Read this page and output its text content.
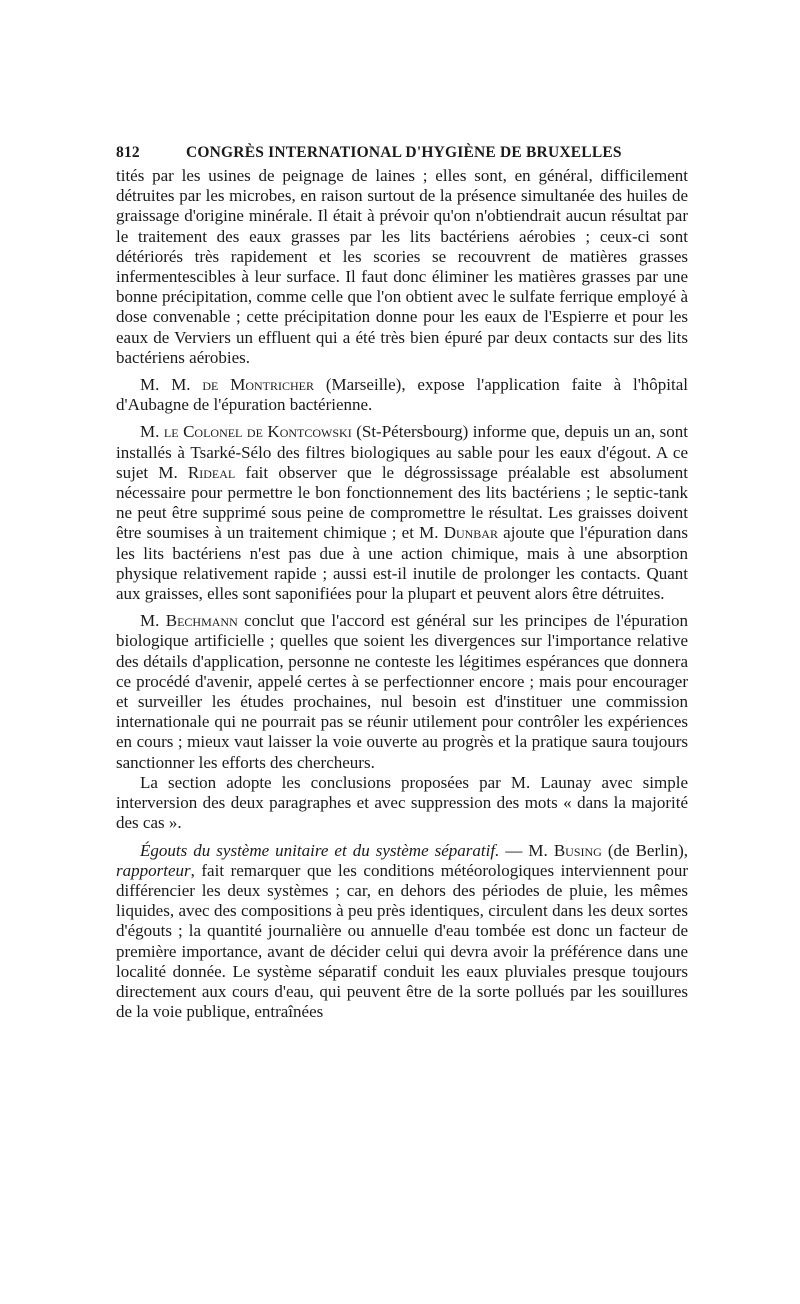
812	CONGRÈS INTERNATIONAL D'HYGIÈNE DE BRUXELLES

tités par les usines de peignage de laines ; elles sont, en général, difficilement détruites par les microbes, en raison surtout de la présence simultanée des huiles de graissage d'origine minérale. Il était à prévoir qu'on n'obtiendrait aucun résultat par le traitement des eaux grasses par les lits bactériens aérobies ; ceux-ci sont détériorés très rapidement et les scories se recouvrent de matières grasses infermentescibles à leur surface. Il faut donc éliminer les matières grasses par une bonne précipitation, comme celle que l'on obtient avec le sulfate ferrique employé à dose convenable ; cette précipitation donne pour les eaux de l'Espierre et pour les eaux de Verviers un effluent qui a été très bien épuré par deux contacts sur des lits bactériens aérobies.

M. M. de Montricher (Marseille), expose l'application faite à l'hôpital d'Aubagne de l'épuration bactérienne.

M. le Colonel de Kontcowski (St-Pétersbourg) informe que, depuis un an, sont installés à Tsarké-Sélo des filtres biologiques au sable pour les eaux d'égout. A ce sujet M. Rideal fait observer que le dégrossissage préalable est absolument nécessaire pour permettre le bon fonctionnement des lits bactériens ; le septic-tank ne peut être supprimé sous peine de compromettre le résultat. Les graisses doivent être soumises à un traitement chimique ; et M. Dunbar ajoute que l'épuration dans les lits bactériens n'est pas due à une action chimique, mais à une absorption physique relativement rapide ; aussi est-il inutile de prolonger les contacts. Quant aux graisses, elles sont saponifiées pour la plupart et peuvent alors être détruites.

M. Bechmann conclut que l'accord est général sur les principes de l'épuration biologique artificielle ; quelles que soient les divergences sur l'importance relative des détails d'application, personne ne conteste les légitimes espérances que donnera ce procédé d'avenir, appelé certes à se perfectionner encore ; mais pour encourager et surveiller les études prochaines, nul besoin est d'instituer une commission internationale qui ne pourrait pas se réunir utilement pour contrôler les expériences en cours ; mieux vaut laisser la voie ouverte au progrès et la pratique saura toujours sanctionner les efforts des chercheurs.

La section adopte les conclusions proposées par M. Launay avec simple interversion des deux paragraphes et avec suppression des mots « dans la majorité des cas ».

Égouts du système unitaire et du système séparatif. — M. Busing (de Berlin), rapporteur, fait remarquer que les conditions météorologiques interviennent pour différencier les deux systèmes ; car, en dehors des périodes de pluie, les mêmes liquides, avec des compositions à peu près identiques, circulent dans les deux sortes d'égouts ; la quantité journalière ou annuelle d'eau tombée est donc un facteur de première importance, avant de décider celui qui devra avoir la préférence dans une localité donnée. Le système séparatif conduit les eaux pluviales presque toujours directement aux cours d'eau, qui peuvent être de la sorte pollués par les souillures de la voie publique, entraînées
